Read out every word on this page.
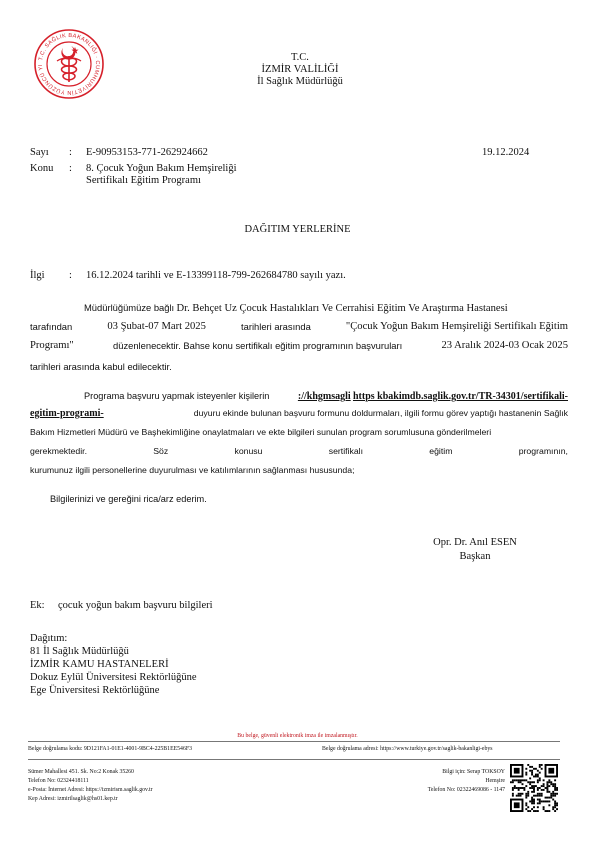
T.C. SAĞLIK BAKANLIĞI · CUMHURİYETİN YÜZÜNCÜ YI
T.C.
İZMİR VALİLİĞİ
İl Sağlık Müdürlüğü
Sayı : E-90953153-771-262924662	19.12.2024
Konu : 8. Çocuk Yoğun Bakım Hemşireliği
Sertifikalı Eğitim Programı
DAĞITIM YERLERİNE
İlgi : 16.12.2024 tarihli ve E-13399118-799-262684780 sayılı yazı.
Müdürlüğümüze bağlı Dr. Behçet Uz Çocuk Hastalıkları Ve Cerrahisi Eğitim Ve Araştırma Hastanesi
tarafından	03 Şubat-07 Mart 2025	tarihleri arasında	"Çocuk Yoğun Bakım Hemşireliği Sertifikalı Eğitim
Programı"	düzenlenecektir. Bahse konu sertifikalı eğitim programının başvuruları	23 Aralık 2024-03 Ocak 2025
tarihleri arasında kabul edilecektir.
Programa başvuru yapmak isteyenler kişilerin	://khgmsagli https kbakimdb.saglik.gov.tr/TR-34301/sertifikali-
egitim-programi-	duyuru ekinde bulunan başvuru formunu doldurmaları, ilgili formu görev yaptığı hastanenin Sağlık
Bakım Hizmetleri Müdürü ve Başhekimliğine onaylatmaları ve ekte bilgileri sunulan program sorumlusuna gönderilmeleri
gerekmektedir.	Söz	konusu	sertifikalı	eğitim	programının,
kurumunuz ilgili personellerine duyurulması ve katılımlarının sağlanması hususunda;
Bilgilerinizi ve gereğini rica/arz ederim.
Opr. Dr. Anıl ESEN
Başkan
Ek: çocuk yoğun bakım başvuru bilgileri
Dağıtım:
81 İl Sağlık Müdürlüğü
İZMİR KAMU HASTANELERİ
Dokuz Eylül Üniversitesi Rektörlüğüne
Ege Üniversitesi Rektörlüğüne
Bu belge, güvenli elektronik imza ile imzalanmıştır.
Belge doğrulama kodu: 9D121FA1-01E1-4001-9BC4-225B1EE546F3	Belge doğrulama adresi: https://www.turkiye.gov.tr/saglik-bakanligi-ebys
Sümer Mahallesi 451. Sk. No:2 Konak 35260
Telefon No: 02324418111
e-Posta: İnternet Adresi: https://izmirism.saglik.gov.tr
Kep Adresi: izmirilsaglik@hs01.kep.tr
Bilgi için: Serap TOKSOY
Hemşire
Telefon No: 02322469086 - 1147
